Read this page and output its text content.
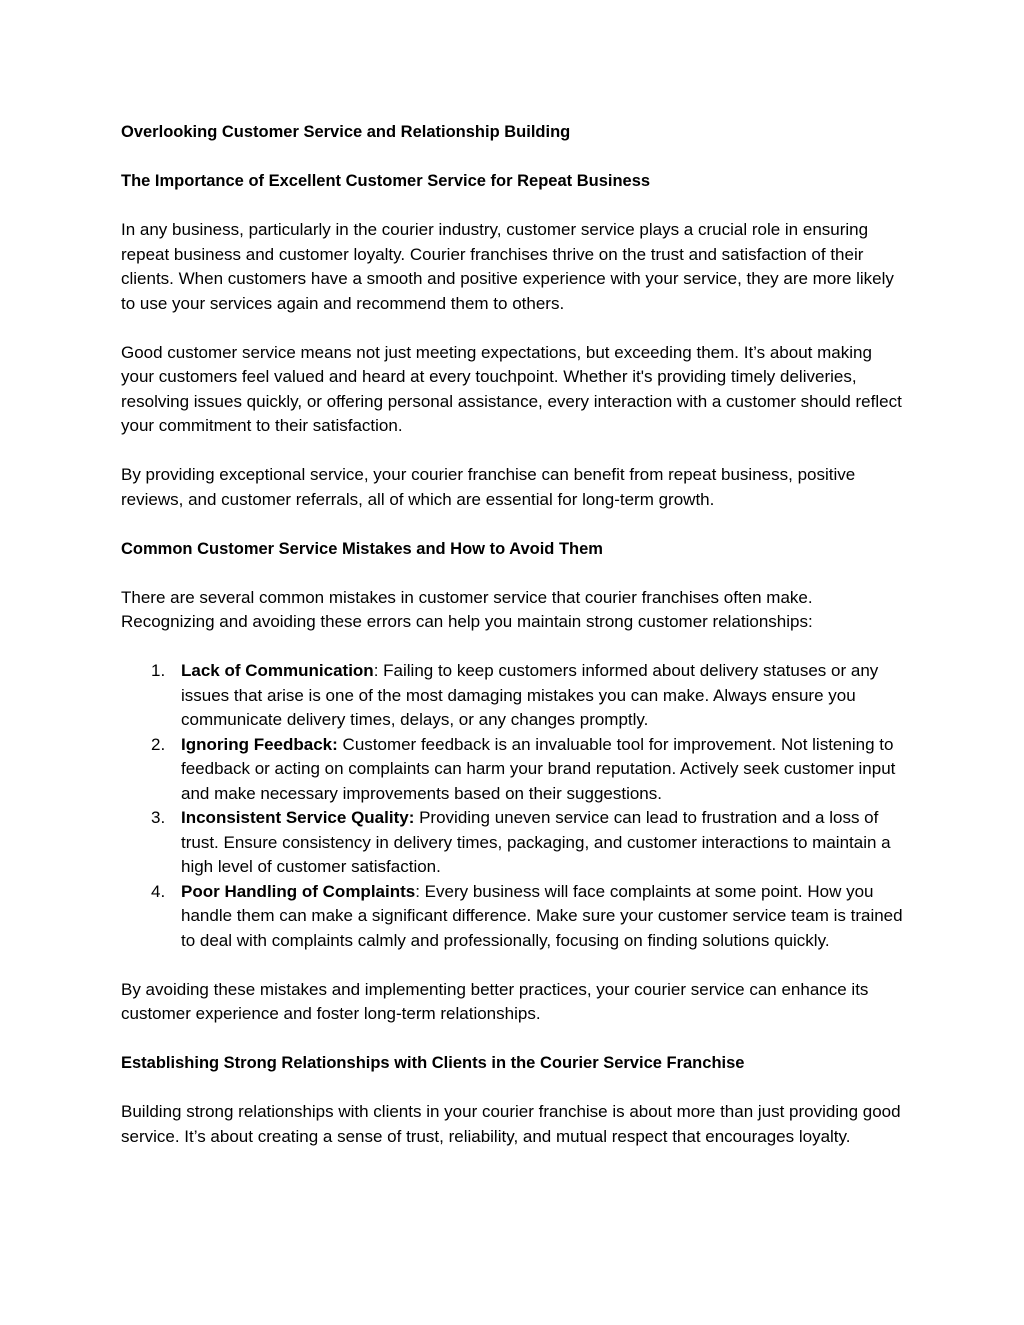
Overlooking Customer Service and Relationship Building

The Importance of Excellent Customer Service for Repeat Business

In any business, particularly in the courier industry, customer service plays a crucial role in ensuring repeat business and customer loyalty. Courier franchises thrive on the trust and satisfaction of their clients. When customers have a smooth and positive experience with your service, they are more likely to use your services again and recommend them to others.

Good customer service means not just meeting expectations, but exceeding them. It’s about making your customers feel valued and heard at every touchpoint. Whether it's providing timely deliveries, resolving issues quickly, or offering personal assistance, every interaction with a customer should reflect your commitment to their satisfaction.

By providing exceptional service, your courier franchise can benefit from repeat business, positive reviews, and customer referrals, all of which are essential for long-term growth.

Common Customer Service Mistakes and How to Avoid Them

There are several common mistakes in customer service that courier franchises often make. Recognizing and avoiding these errors can help you maintain strong customer relationships:

1. Lack of Communication: Failing to keep customers informed about delivery statuses or any issues that arise is one of the most damaging mistakes you can make. Always ensure you communicate delivery times, delays, or any changes promptly.
2. Ignoring Feedback: Customer feedback is an invaluable tool for improvement. Not listening to feedback or acting on complaints can harm your brand reputation. Actively seek customer input and make necessary improvements based on their suggestions.
3. Inconsistent Service Quality: Providing uneven service can lead to frustration and a loss of trust. Ensure consistency in delivery times, packaging, and customer interactions to maintain a high level of customer satisfaction.
4. Poor Handling of Complaints: Every business will face complaints at some point. How you handle them can make a significant difference. Make sure your customer service team is trained to deal with complaints calmly and professionally, focusing on finding solutions quickly.

By avoiding these mistakes and implementing better practices, your courier service can enhance its customer experience and foster long-term relationships.

Establishing Strong Relationships with Clients in the Courier Service Franchise

Building strong relationships with clients in your courier franchise is about more than just providing good service. It’s about creating a sense of trust, reliability, and mutual respect that encourages loyalty.
